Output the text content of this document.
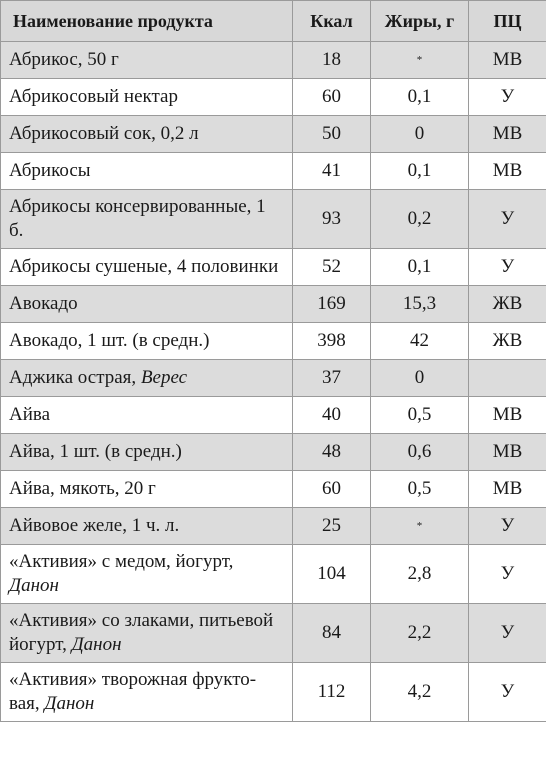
Наименование продукта	Ккал	Жиры, г	ПЦ
Абрикос, 50 г	18	*	МВ
Абрикосовый нектар	60	0,1	У
Абрикосовый сок, 0,2 л	50	0	МВ
Абрикосы	41	0,1	МВ
Абрикосы консервированные, 1 б.	93	0,2	У
Абрикосы сушеные, 4 половинки	52	0,1	У
Авокадо	169	15,3	ЖВ
Авокадо, 1 шт. (в средн.)	398	42	ЖВ
Аджика острая, Верес	37	0	
Айва	40	0,5	МВ
Айва, 1 шт. (в средн.)	48	0,6	МВ
Айва, мякоть, 20 г	60	0,5	МВ
Айвовое желе, 1 ч. л.	25	*	У
«Активия» с медом, йогурт, Данон	104	2,8	У
«Активия» со злаками, питьевой йогурт, Данон	84	2,2	У
«Активия» творожная фрукто-вая, Данон	112	4,2	У
